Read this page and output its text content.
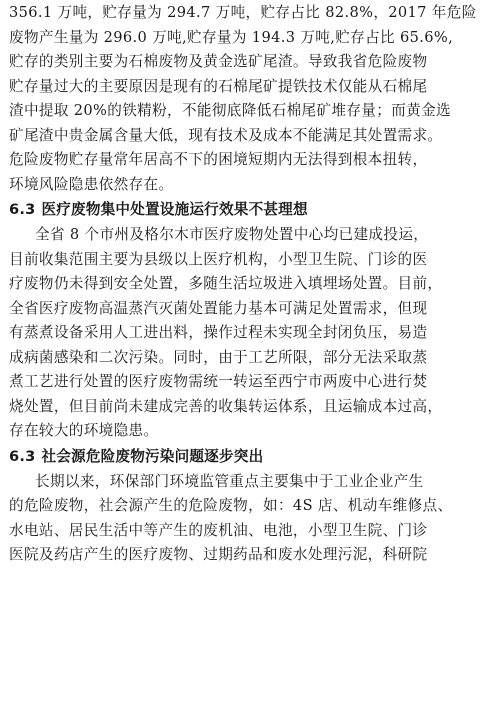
356.1 万吨，贮存量为 294.7 万吨，贮存占比 82.8%，2017 年危险
废物产生量为 296.0 万吨,贮存量为 194.3 万吨,贮存占比 65.6%,
贮存的类别主要为石棉废物及黄金选矿尾渣。导致我省危险废物
贮存量过大的主要原因是现有的石棉尾矿提铁技术仅能从石棉尾
渣中提取 20%的铁精粉，不能彻底降低石棉尾矿堆存量；而黄金选
矿尾渣中贵金属含量大低，现有技术及成本不能满足其处置需求。
危险废物贮存量常年居高不下的困境短期内无法得到根本扭转，
环境风险隐患依然存在。
6.3 医疗废物集中处置设施运行效果不甚理想
全省 8 个市州及格尔木市医疗废物处置中心均已建成投运，
目前收集范围主要为县级以上医疗机构，小型卫生院、门诊的医
疗废物仍未得到安全处置，多随生活垃圾进入填埋场处置。目前，
全省医疗废物高温蒸汽灭菌处置能力基本可满足处置需求，但现
有蒸煮设备采用人工进出料，操作过程未实现全封闭负压，易造
成病菌感染和二次污染。同时，由于工艺所限，部分无法采取蒸
煮工艺进行处置的医疗废物需统一转运至西宁市两废中心进行焚
烧处置，但目前尚未建成完善的收集转运体系，且运输成本过高，
存在较大的环境隐患。
6.3 社会源危险废物污染问题逐步突出
长期以来，环保部门环境监管重点主要集中于工业企业产生
的危险废物，社会源产生的危险废物，如：4S 店、机动车维修点、
水电站、居民生活中等产生的废机油、电池，小型卫生院、门诊
医院及药店产生的医疗废物、过期药品和废水处理污泥，科研院
